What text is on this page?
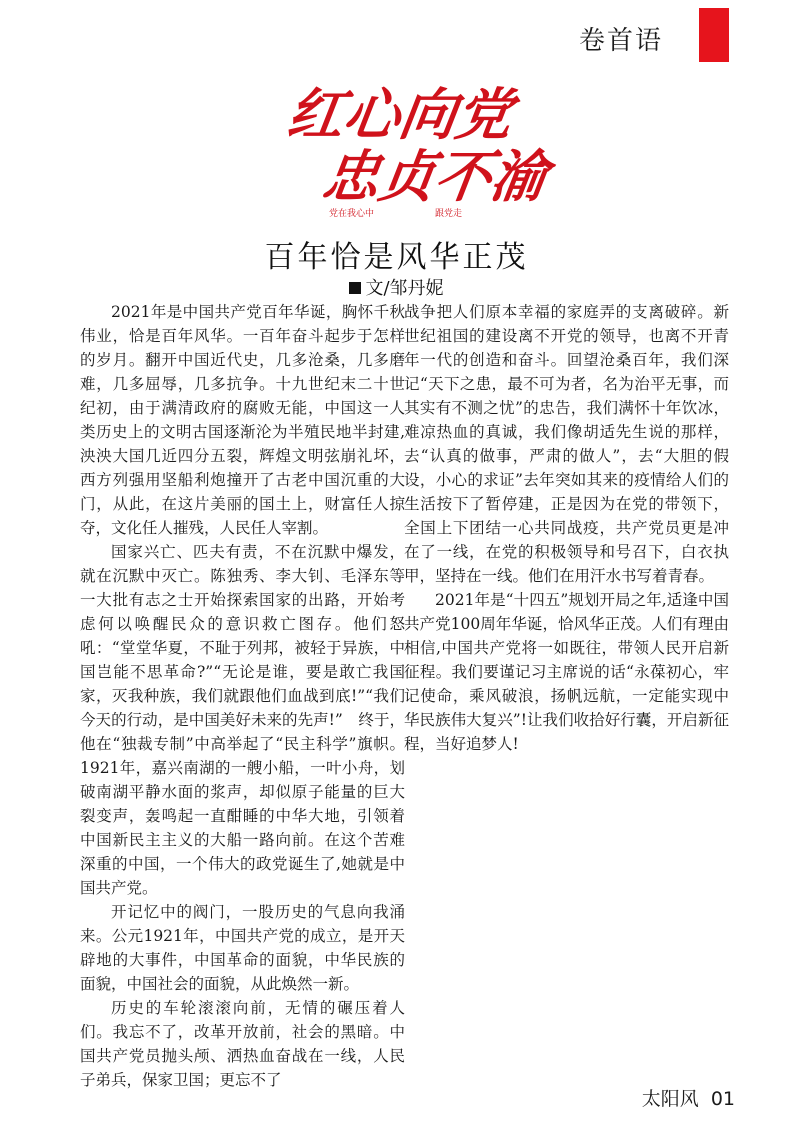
卷首语
红心向党
忠贞不渝
党在我心中	跟党走
百年恰是风华正茂
文/邹丹妮

2021年是中国共产党百年华诞，胸怀千秋伟业，恰是百年风华。一百年奋斗起步于怎样的岁月。翻开中国近代史，几多沧桑，几多磨难，几多屈辱，几多抗争。十九世纪末二十世纪初，由于满清政府的腐败无能，中国这一人类历史上的文明古国逐渐沦为半殖民地半封建,泱泱大国几近四分五裂，辉煌文明弦崩礼坏，西方列强用坚船利炮撞开了古老中国沉重的大门，从此，在这片美丽的国土上，财富任人掠夺，文化任人摧残，人民任人宰割。

国家兴亡、匹夫有责，不在沉默中爆发，就在沉默中灭亡。陈独秀、李大钊、毛泽东等一大批有志之士开始探索国家的出路，开始考虑何以唤醒民众的意识救亡图存。他们怒吼：“堂堂华夏，不耻于列邦，被轻于异族，中国岂能不思革命?”“无论是谁，要是敢亡我国家，灭我种族，我们就跟他们血战到底!”“我们今天的行动，是中国美好未来的先声!”　终于，他在“独裁专制”中高举起了“民主科学”旗帜。1921年，嘉兴南湖的一艘小船，一叶小舟，划破南湖平静水面的浆声，却似原子能量的巨大裂变声，轰鸣起一直酣睡的中华大地，引领着中国新民主主义的大船一路向前。在这个苦难深重的中国，一个伟大的政党诞生了,她就是中国共产党。

开记忆中的阀门，一股历史的气息向我涌来。公元1921年，中国共产党的成立，是开天辟地的大事件，中国革命的面貌，中华民族的面貌，中国社会的面貌，从此焕然一新。

历史的车轮滚滚向前，无情的碾压着人们。我忘不了，改革开放前，社会的黑暗。中国共产党员抛头颅、洒热血奋战在一线，人民子弟兵，保家卫国；更忘不了

战争把人们原本幸福的家庭弄的支离破碎。新世纪祖国的建设离不开党的领导，也离不开青年一代的创造和奋斗。回望沧桑百年，我们深记“天下之患，最不可为者，名为治平无事，而其实有不测之忧”的忠告，我们满怀十年饮冰，难凉热血的真诚，我们像胡适先生说的那样，去“认真的做事，严肃的做人”，去“大胆的假设，小心的求证”去年突如其来的疫情给人们的生活按下了暂停建，正是因为在党的带领下，全国上下团结一心共同战疫，共产党员更是冲在了一线，在党的积极领导和号召下，白衣执甲，坚持在一线。他们在用汗水书写着青春。

2021年是“十四五”规划开局之年,适逢中国共产党100周年华诞，恰风华正茂。人们有理由相信,中国共产党将一如既往，带领人民开启新征程。我们要谨记习主席说的话“永葆初心，牢记使命，乘风破浪，扬帆远航，一定能实现中华民族伟大复兴”!让我们收拾好行囊，开启新征程，当好追梦人!

太阳风 01
